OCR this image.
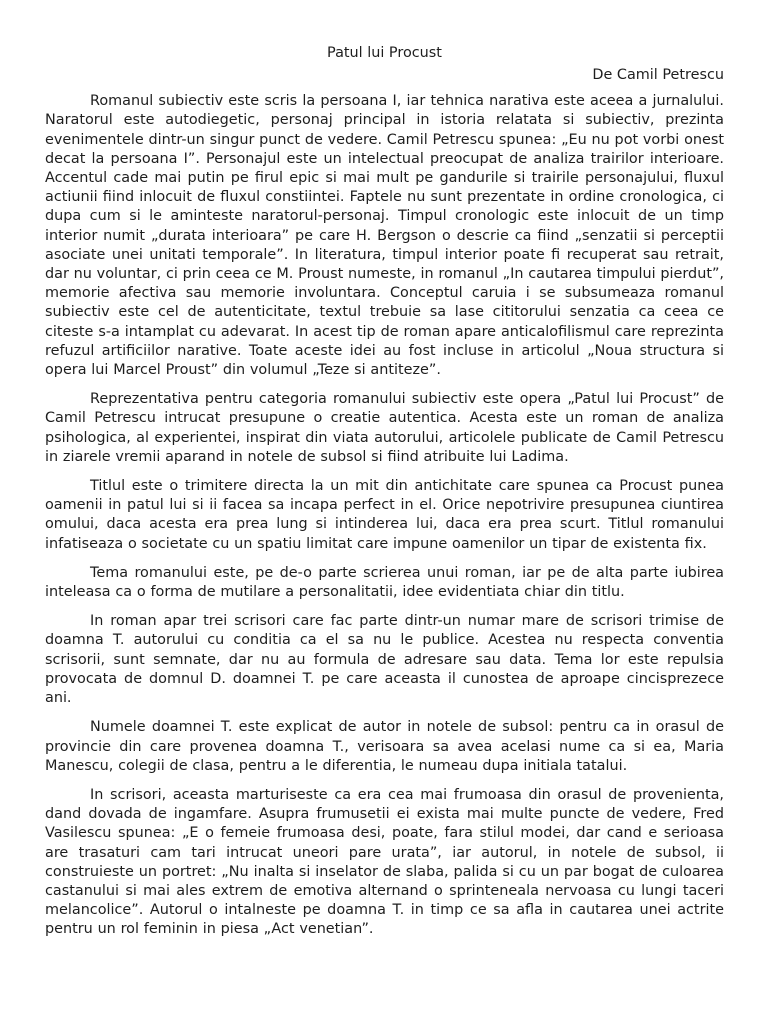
Patul lui Procust

De Camil Petrescu

Romanul subiectiv este scris la persoana I, iar tehnica narativa este aceea a jurnalului. Naratorul este autodiegetic, personaj principal in istoria relatata si subiectiv, prezinta evenimentele dintr-un singur punct de vedere. Camil Petrescu spunea: „Eu nu pot vorbi onest decat la persoana I”. Personajul este un intelectual preocupat de analiza trairilor interioare. Accentul cade mai putin pe firul epic si mai mult pe gandurile si trairile personajului, fluxul actiunii fiind inlocuit de fluxul constiintei. Faptele nu sunt prezentate in ordine cronologica, ci dupa cum si le aminteste naratorul-personaj. Timpul cronologic este inlocuit de un timp interior numit „durata interioara” pe care H. Bergson o descrie ca fiind „senzatii si perceptii asociate unei unitati temporale”. In literatura, timpul interior poate fi recuperat sau retrait, dar nu voluntar, ci prin ceea ce M. Proust numeste, in romanul „In cautarea timpului pierdut”, memorie afectiva sau memorie involuntara. Conceptul caruia i se subsumeaza romanul subiectiv este cel de autenticitate, textul trebuie sa lase cititorului senzatia ca ceea ce citeste s-a intamplat cu adevarat. In acest tip de roman apare anticalofilismul care reprezinta refuzul artificiilor narative. Toate aceste idei au fost incluse in articolul „Noua structura si opera lui Marcel Proust” din volumul „Teze si antiteze”.

Reprezentativa pentru categoria romanului subiectiv este opera „Patul lui Procust” de Camil Petrescu intrucat presupune o creatie autentica. Acesta este un roman de analiza psihologica, al experientei, inspirat din viata autorului, articolele publicate de Camil Petrescu in ziarele vremii aparand in notele de subsol si fiind atribuite lui Ladima.

Titlul este o trimitere directa la un mit din antichitate care spunea ca Procust punea oamenii in patul lui si ii facea sa incapa perfect in el. Orice nepotrivire presupunea ciuntirea omului, daca acesta era prea lung si intinderea lui, daca era prea scurt. Titlul romanului infatiseaza o societate cu un spatiu limitat care impune oamenilor un tipar de existenta fix.

Tema romanului este, pe de-o parte scrierea unui roman, iar pe de alta parte iubirea inteleasa ca o forma de mutilare a personalitatii, idee evidentiata chiar din titlu.

In roman apar trei scrisori care fac parte dintr-un numar mare de scrisori trimise de doamna T. autorului cu conditia ca el sa nu le publice. Acestea nu respecta conventia scrisorii, sunt semnate, dar nu au formula de adresare sau data. Tema lor este repulsia provocata de domnul D. doamnei T. pe care aceasta il cunostea de aproape cincisprezece ani.

Numele doamnei T. este explicat de autor in notele de subsol: pentru ca in orasul de provincie din care provenea doamna T., verisoara sa avea acelasi nume ca si ea, Maria Manescu, colegii de clasa, pentru a le diferentia, le numeau dupa initiala tatalui.

In scrisori, aceasta marturiseste ca era cea mai frumoasa din orasul de provenienta, dand dovada de ingamfare. Asupra frumusetii ei exista mai multe puncte de vedere, Fred Vasilescu spunea: „E o femeie frumoasa desi, poate, fara stilul modei, dar cand e serioasa are trasaturi cam tari intrucat uneori pare urata”, iar autorul, in notele de subsol, ii construieste un portret: „Nu inalta si inselator de slaba, palida si cu un par bogat de culoarea castanului si mai ales extrem de emotiva alternand o sprinteneala nervoasa cu lungi taceri melancolice”. Autorul o intalneste pe doamna T. in timp ce sa afla in cautarea unei actrite pentru un rol feminin in piesa „Act venetian”.
